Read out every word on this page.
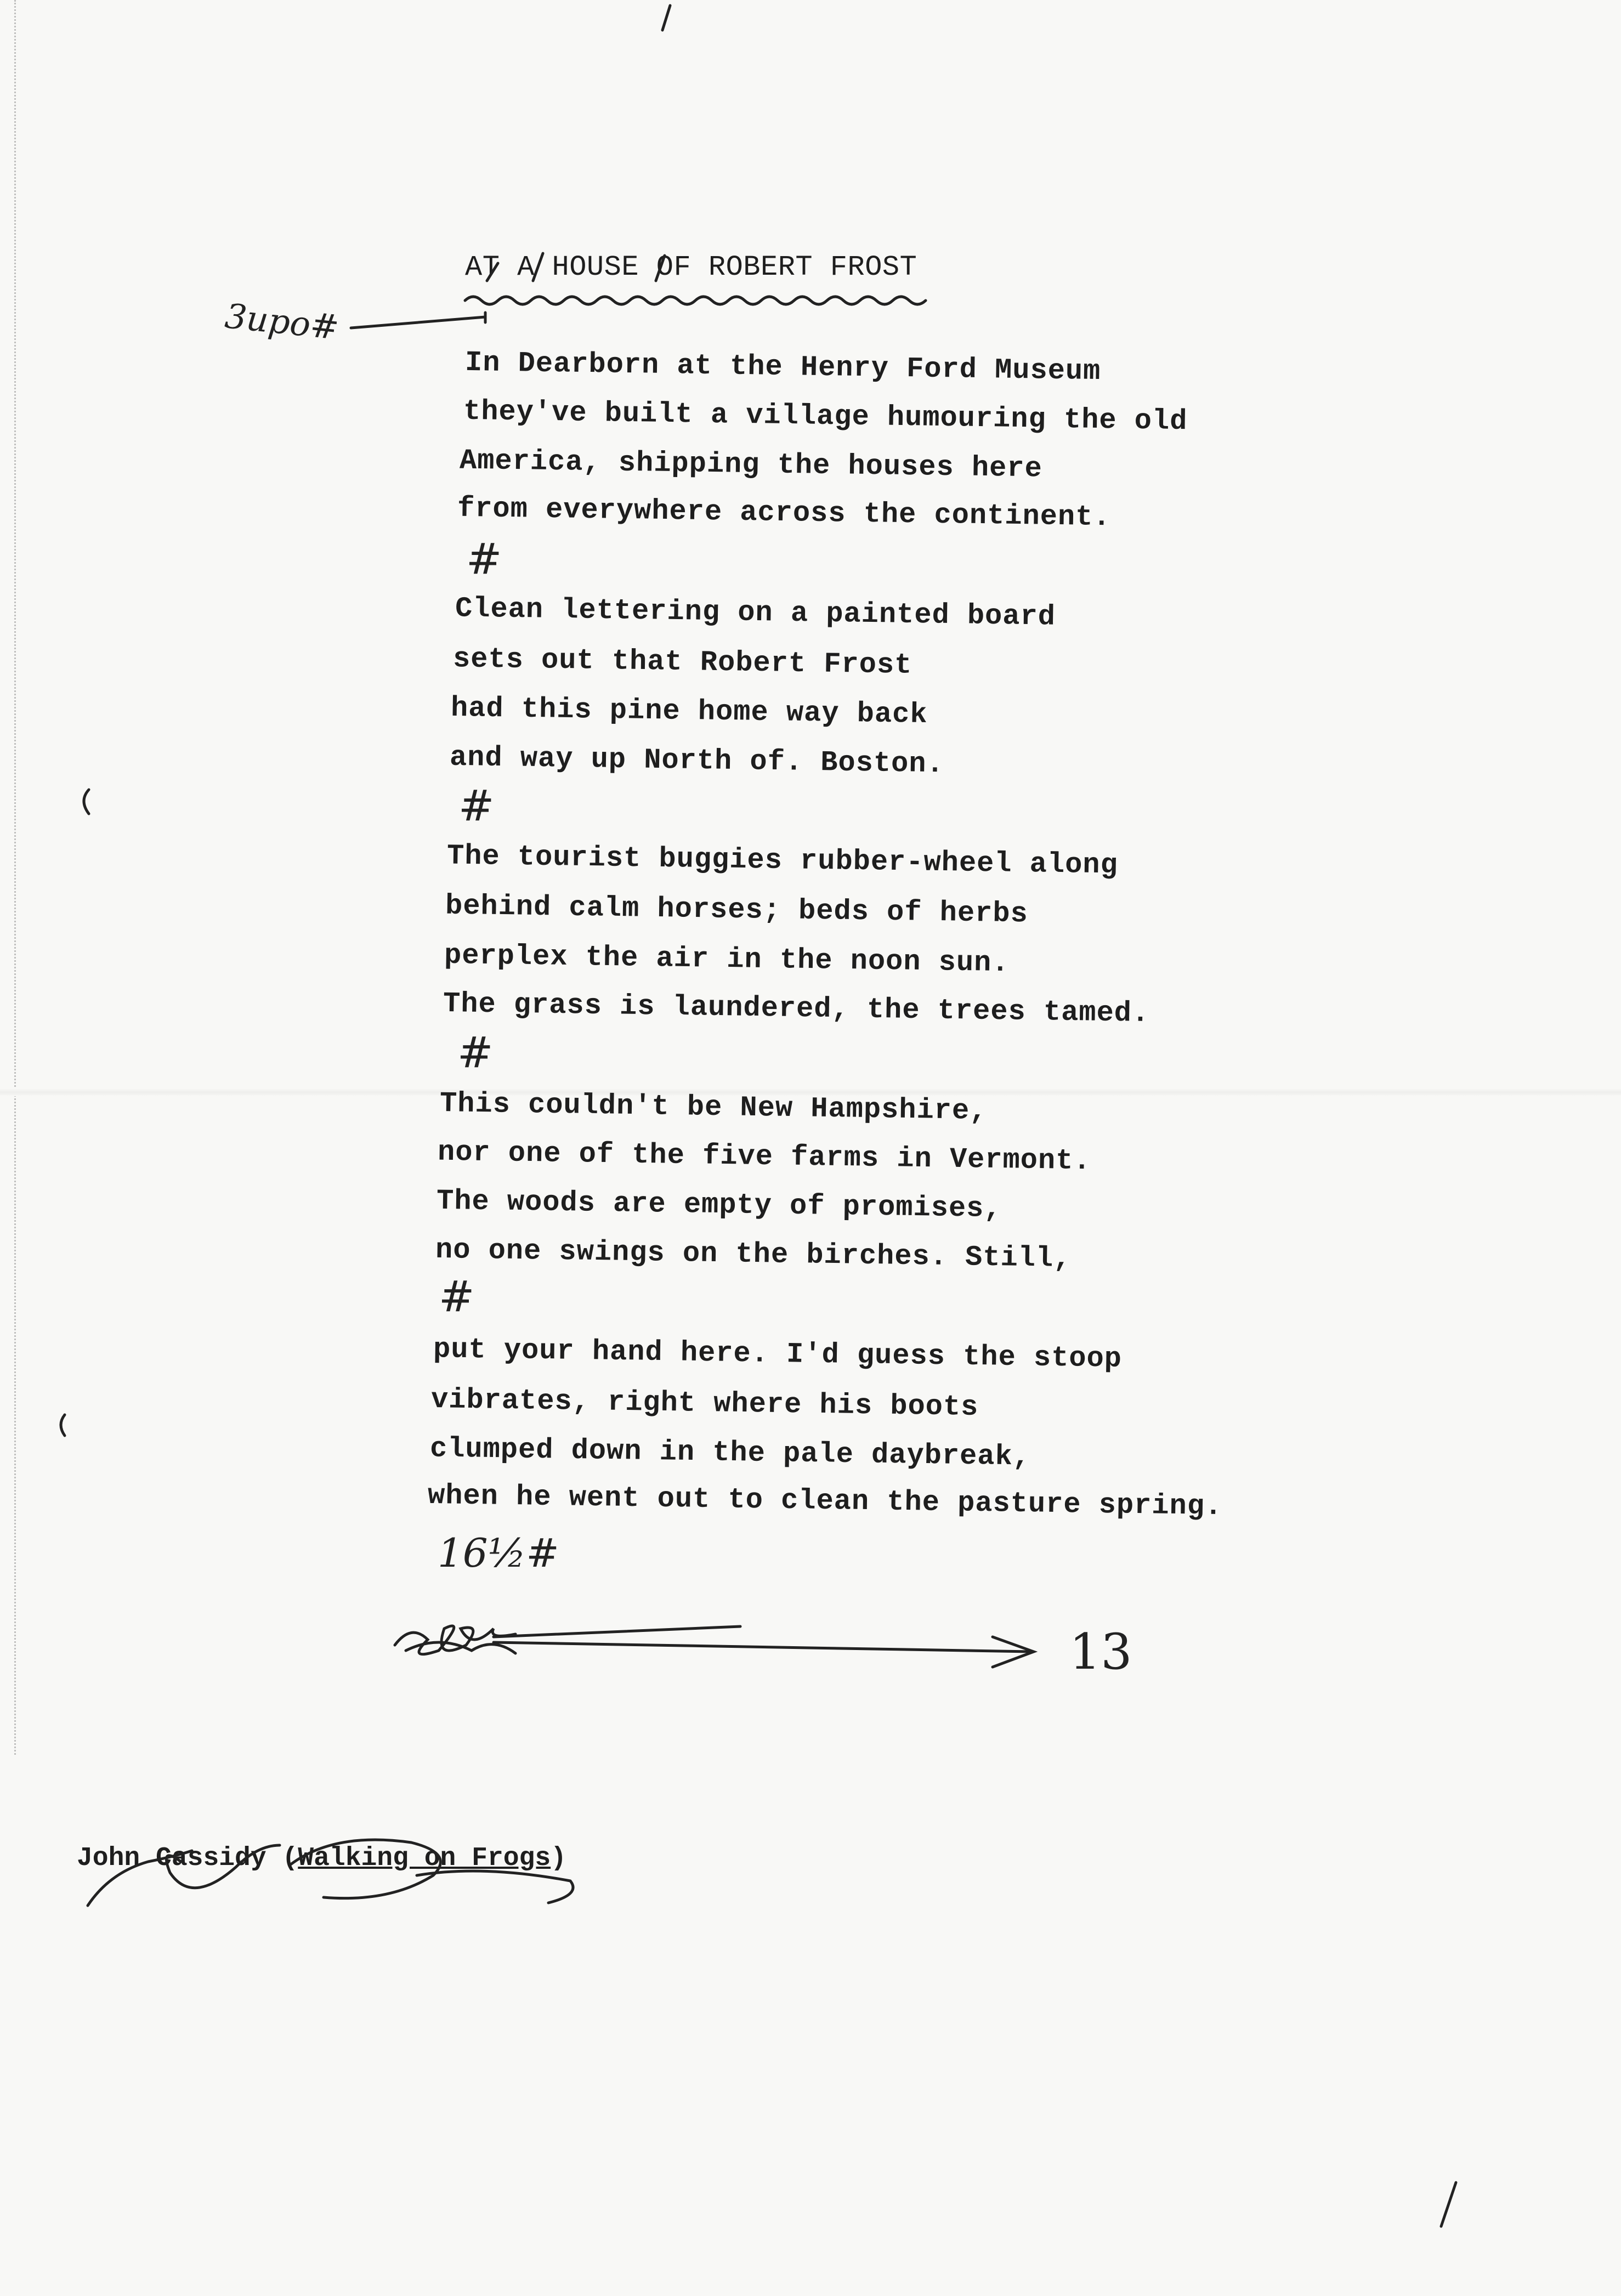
AT A HOUSE OF ROBERT FROST
3upo#
In Dearborn at the Henry Ford Museum
they've built a village humouring the old
America, shipping the houses here
from everywhere across the continent.
#
Clean lettering on a painted board
sets out that Robert Frost
had this pine home way back
and way up North of. Boston.
#
The tourist buggies rubber-wheel along
behind calm horses; beds of herbs
perplex the air in the noon sun.
The grass is laundered, the trees tamed.
#
This couldn't be New Hampshire,
nor one of the five farms in Vermont.
The woods are empty of promises,
no one swings on the birches. Still,
#
put your hand here. I'd guess the stoop
vibrates, right where his boots
clumped down in the pale daybreak,
when he went out to clean the pasture spring.
16½#
13
John Cassidy (Walking on Frogs)
